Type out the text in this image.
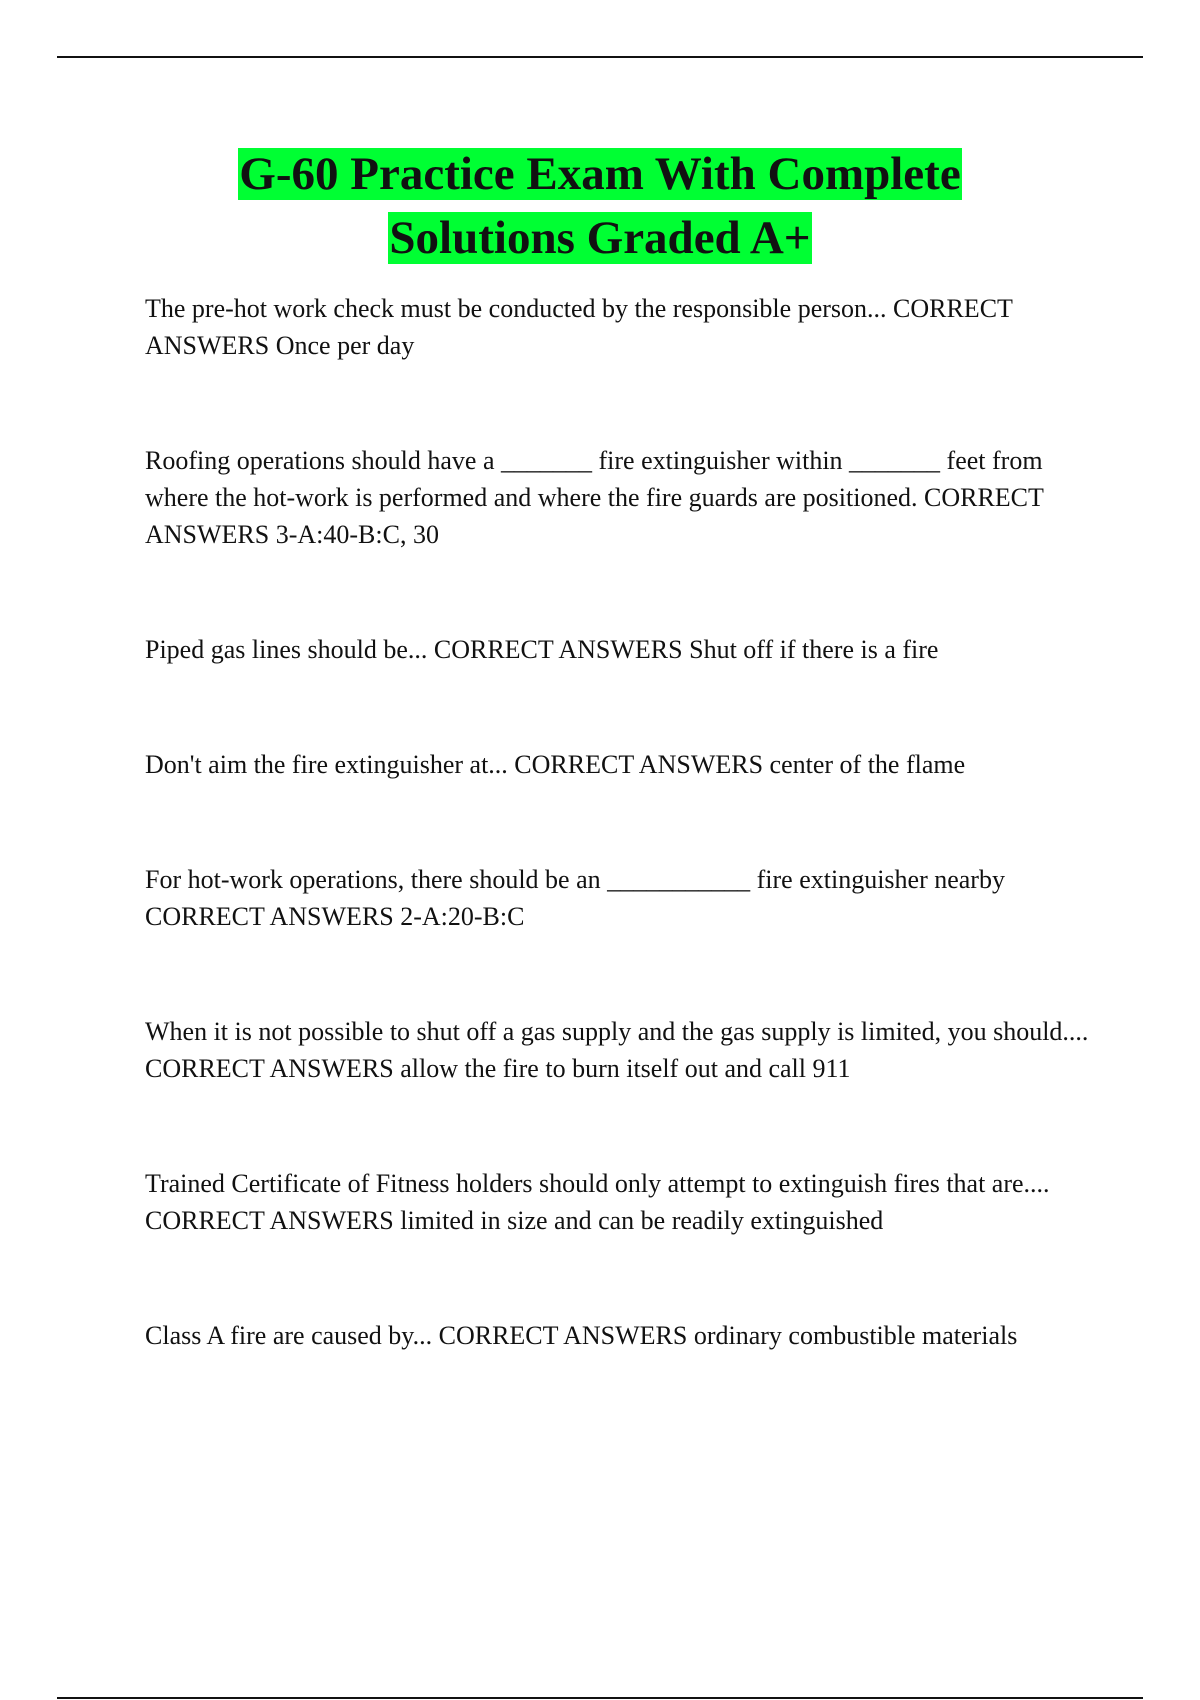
G-60 Practice Exam With Complete
Solutions Graded A+

The pre-hot work check must be conducted by the responsible person... CORRECT ANSWERS Once per day

Roofing operations should have a _______ fire extinguisher within _______ feet from where the hot-work is performed and where the fire guards are positioned. CORRECT ANSWERS 3-A:40-B:C, 30

Piped gas lines should be... CORRECT ANSWERS Shut off if there is a fire

Don't aim the fire extinguisher at... CORRECT ANSWERS center of the flame

For hot-work operations, there should be an ___________ fire extinguisher nearby CORRECT ANSWERS 2-A:20-B:C

When it is not possible to shut off a gas supply and the gas supply is limited, you should.... CORRECT ANSWERS allow the fire to burn itself out and call 911

Trained Certificate of Fitness holders should only attempt to extinguish fires that are.... CORRECT ANSWERS limited in size and can be readily extinguished

Class A fire are caused by... CORRECT ANSWERS ordinary combustible materials
